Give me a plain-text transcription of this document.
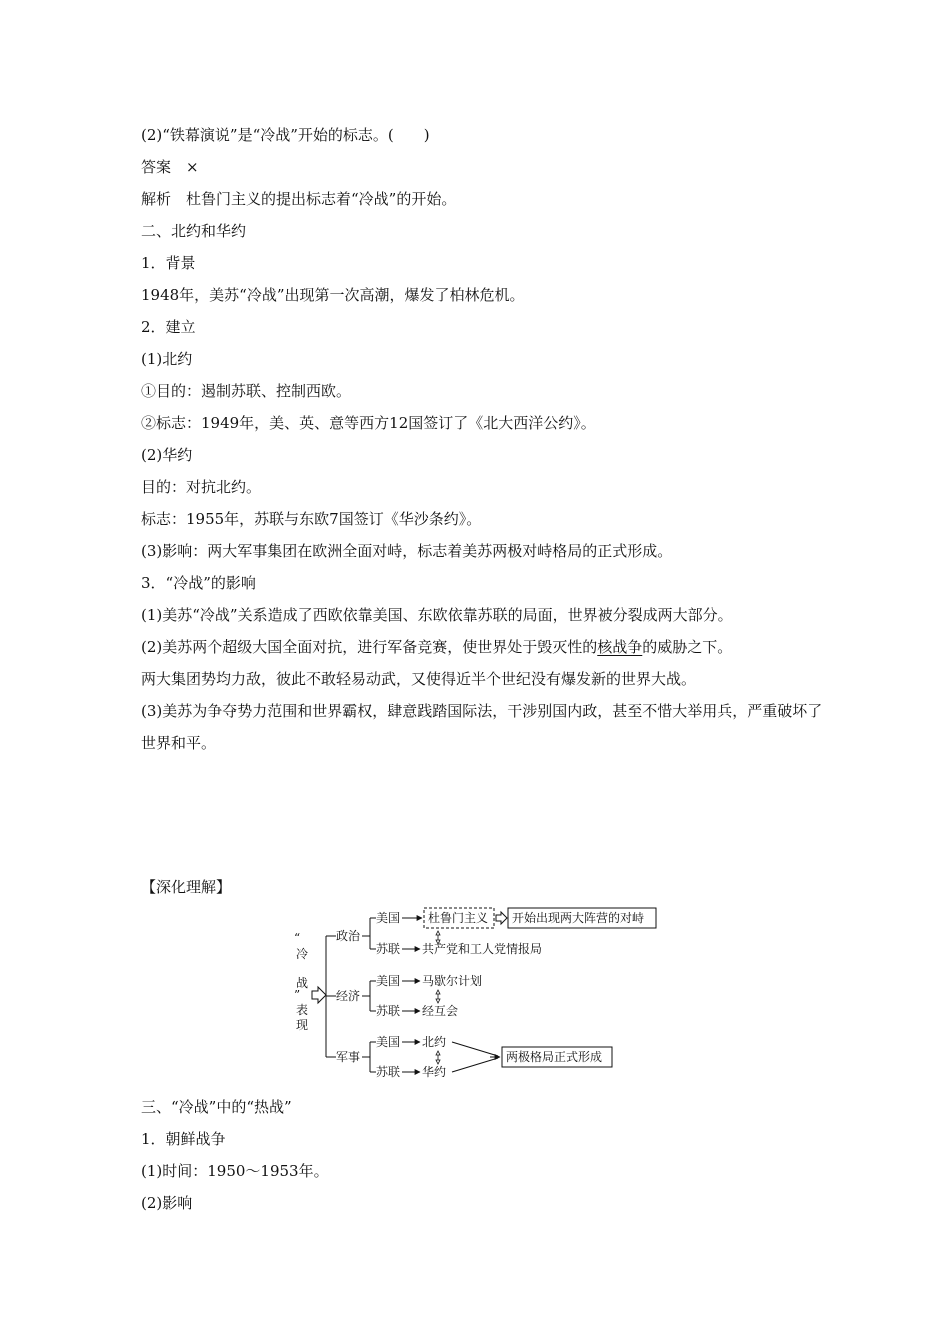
(2)“铁幕演说”是“冷战”开始的标志。(　　)
答案　×
解析　杜鲁门主义的提出标志着“冷战”的开始。
二、北约和华约
1．背景
1948年，美苏“冷战”出现第一次高潮，爆发了柏林危机。
2．建立
(1)北约
①目的：遏制苏联、控制西欧。
②标志：1949年，美、英、意等西方12国签订了《北大西洋公约》。
(2)华约
目的：对抗北约。
标志：1955年，苏联与东欧7国签订《华沙条约》。
(3)影响：两大军事集团在欧洲全面对峙，标志着美苏两极对峙格局的正式形成。
3．“冷战”的影响
(1)美苏“冷战”关系造成了西欧依靠美国、东欧依靠苏联的局面，世界被分裂成两大部分。
(2)美苏两个超级大国全面对抗，进行军备竞赛，使世界处于毁灭性的核战争的威胁之下。
两大集团势均力敌，彼此不敢轻易动武，又使得近半个世纪没有爆发新的世界大战。
(3)美苏为争夺势力范围和世界霸权，肆意践踏国际法，干涉别国内政，甚至不惜大举用兵，严重破坏了世界和平。
【深化理解】
“
冷
战
”
表
现
政治
经济
军事
美国 杜鲁门主义 开始出现两大阵营的对峙
苏联 共产党和工人党情报局
美国 马歇尔计划
苏联 经互会
美国 北约
苏联 华约
两极格局正式形成
三、“冷战”中的“热战”
1．朝鲜战争
(1)时间：1950～1953年。
(2)影响
